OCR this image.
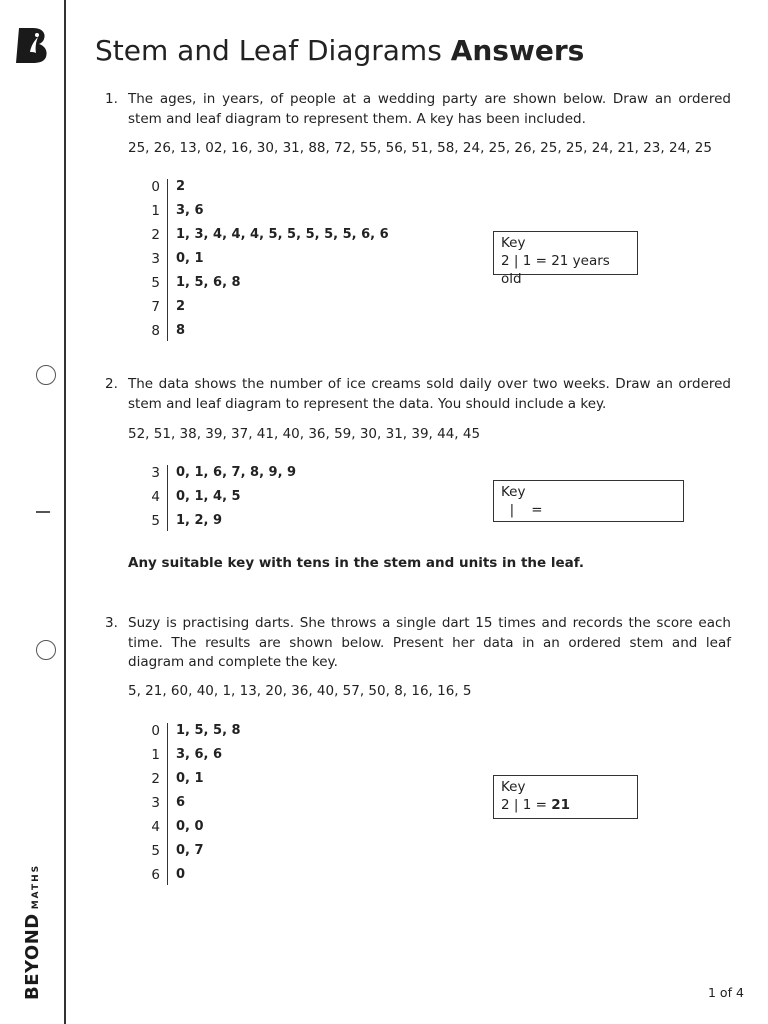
BEYONDMATHS
Stem and Leaf Diagrams Answers
1. The ages, in years, of people at a wedding party are shown below. Draw an ordered stem and leaf diagram to represent them. A key has been included.
25, 26, 13, 02, 16, 30, 31, 88, 72, 55, 56, 51, 58, 24, 25, 26, 25, 25, 24, 21, 23, 24, 25
0 2
1 3, 6
2 1, 3, 4, 4, 4, 5, 5, 5, 5, 5, 6, 6
3 0, 1
5 1, 5, 6, 8
7 2
8 8
Key
2 | 1 = 21 years old
2. The data shows the number of ice creams sold daily over two weeks. Draw an ordered stem and leaf diagram to represent the data. You should include a key.
52, 51, 38, 39, 37, 41, 40, 36, 59, 30, 31, 39, 44, 45
3 0, 1, 6, 7, 8, 9, 9
4 0, 1, 4, 5
5 1, 2, 9
Key
|    =
Any suitable key with tens in the stem and units in the leaf.
3. Suzy is practising darts. She throws a single dart 15 times and records the score each time. The results are shown below. Present her data in an ordered stem and leaf diagram and complete the key.
5, 21, 60, 40, 1, 13, 20, 36, 40, 57, 50, 8, 16, 16, 5
0 1, 5, 5, 8
1 3, 6, 6
2 0, 1
3 6
4 0, 0
5 0, 7
6 0
Key
2 | 1 = 21
1 of 4
